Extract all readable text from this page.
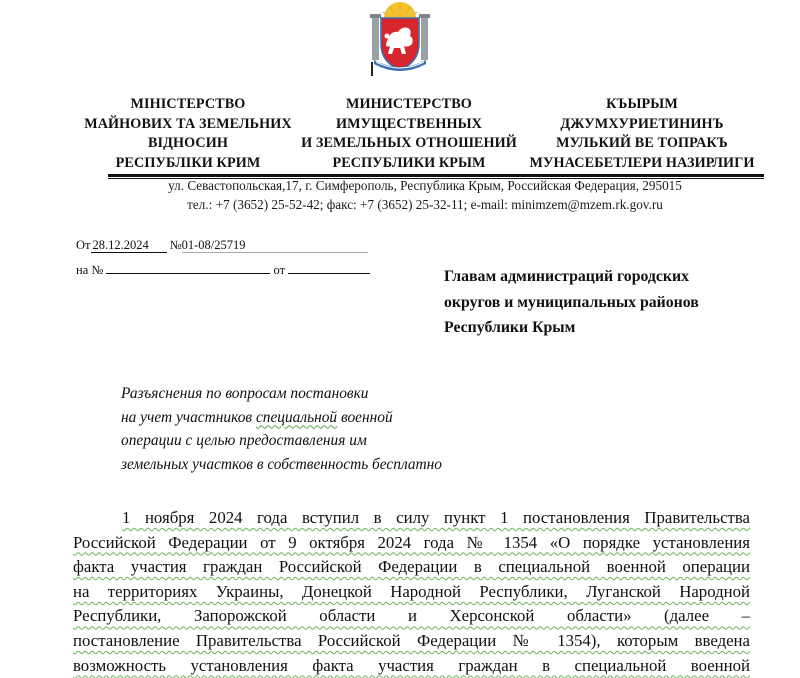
МІНІСТЕРСТВО
МАЙНОВИХ ТА ЗЕМЕЛЬНИХ
ВІДНОСИН
РЕСПУБЛІКИ КРИМ
МИНИСТЕРСТВО
ИМУЩЕСТВЕННЫХ
И ЗЕМЕЛЬНЫХ ОТНОШЕНИЙ
РЕСПУБЛИКИ КРЫМ
КЪЫРЫМ
ДЖУМХУРИЕТИНИНЪ
МУЛЬКИЙ ВЕ ТОПРАКЪ
МУНАСЕБЕТЛЕРИ НАЗИРЛИГИ
ул. Севастопольская,17, г. Симферополь, Республика Крым, Российская Федерация, 295015
тел.: +7 (3652) 25-52-42; факс: +7 (3652) 25-32-11; e-mail: minimzem@mzem.rk.gov.ru
От 28.12.2024 №01-08/25719
на №	от	Главам администраций городских
округов и муниципальных районов
Республики Крым
Разъяснения по вопросам постановки
на учет участников специальной военной
операции с целью предоставления им
земельных участков в собственность бесплатно
1 ноября 2024 года вступил в силу пункт 1 постановления Правительства
Российской Федерации от 9 октября 2024 года № 1354 «О порядке установления
факта участия граждан Российской Федерации в специальной военной операции
на территориях Украины, Донецкой Народной Республики, Луганской Народной
Республики, Запорожской области и Херсонской области» (далее –
постановление Правительства Российской Федерации № 1354), которым введена
возможность установления факта участия граждан в специальной военной
